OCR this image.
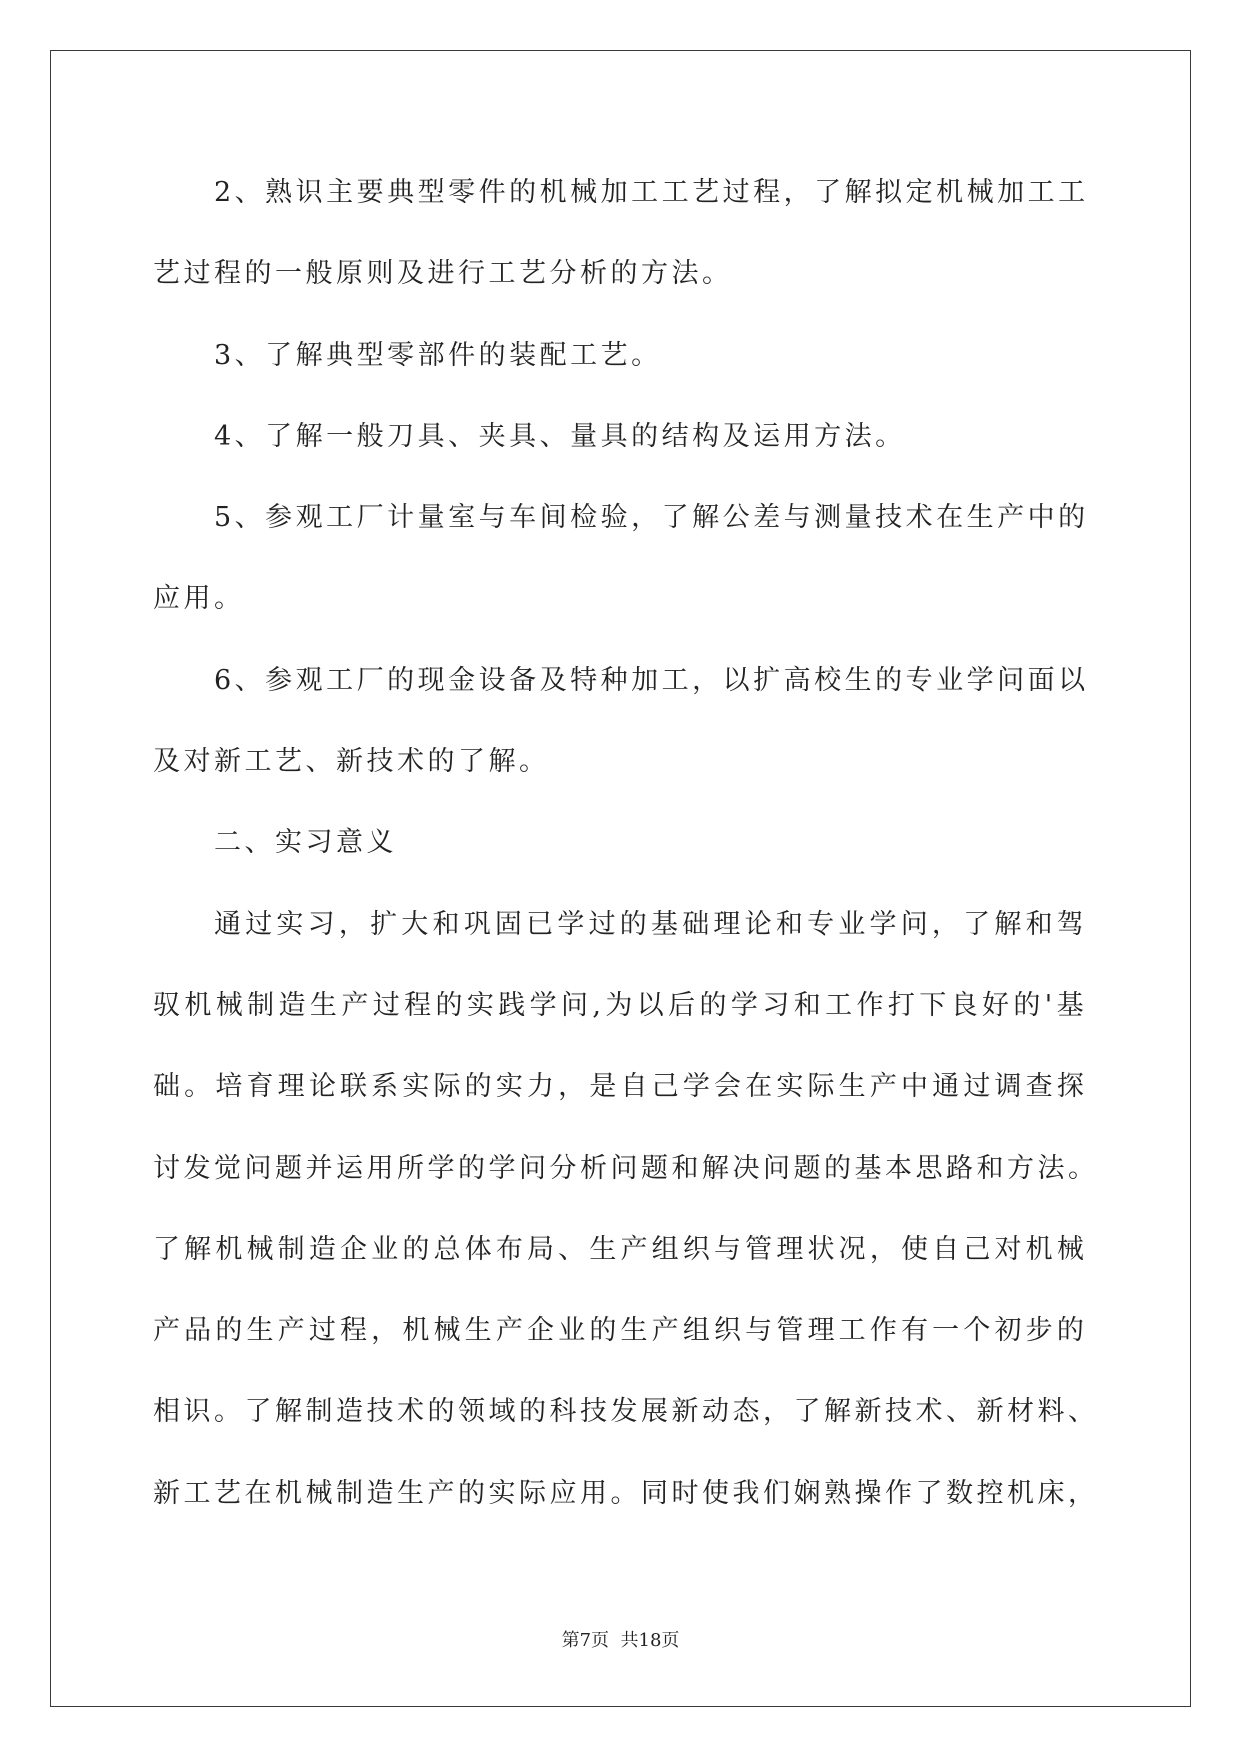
2、熟识主要典型零件的机械加工工艺过程，了解拟定机械加工工
艺过程的一般原则及进行工艺分析的方法。
3、了解典型零部件的装配工艺。
4、了解一般刀具、夹具、量具的结构及运用方法。
5、参观工厂计量室与车间检验，了解公差与测量技术在生产中的
应用。
6、参观工厂的现金设备及特种加工，以扩高校生的专业学问面以
及对新工艺、新技术的了解。
二、实习意义
通过实习，扩大和巩固已学过的基础理论和专业学问，了解和驾
驭机械制造生产过程的实践学问,为以后的学习和工作打下良好的'基
础。培育理论联系实际的实力，是自己学会在实际生产中通过调查探
讨发觉问题并运用所学的学问分析问题和解决问题的基本思路和方法。
了解机械制造企业的总体布局、生产组织与管理状况，使自己对机械
产品的生产过程，机械生产企业的生产组织与管理工作有一个初步的
相识。了解制造技术的领域的科技发展新动态，了解新技术、新材料、
新工艺在机械制造生产的实际应用。同时使我们娴熟操作了数控机床，
第7页  共18页
